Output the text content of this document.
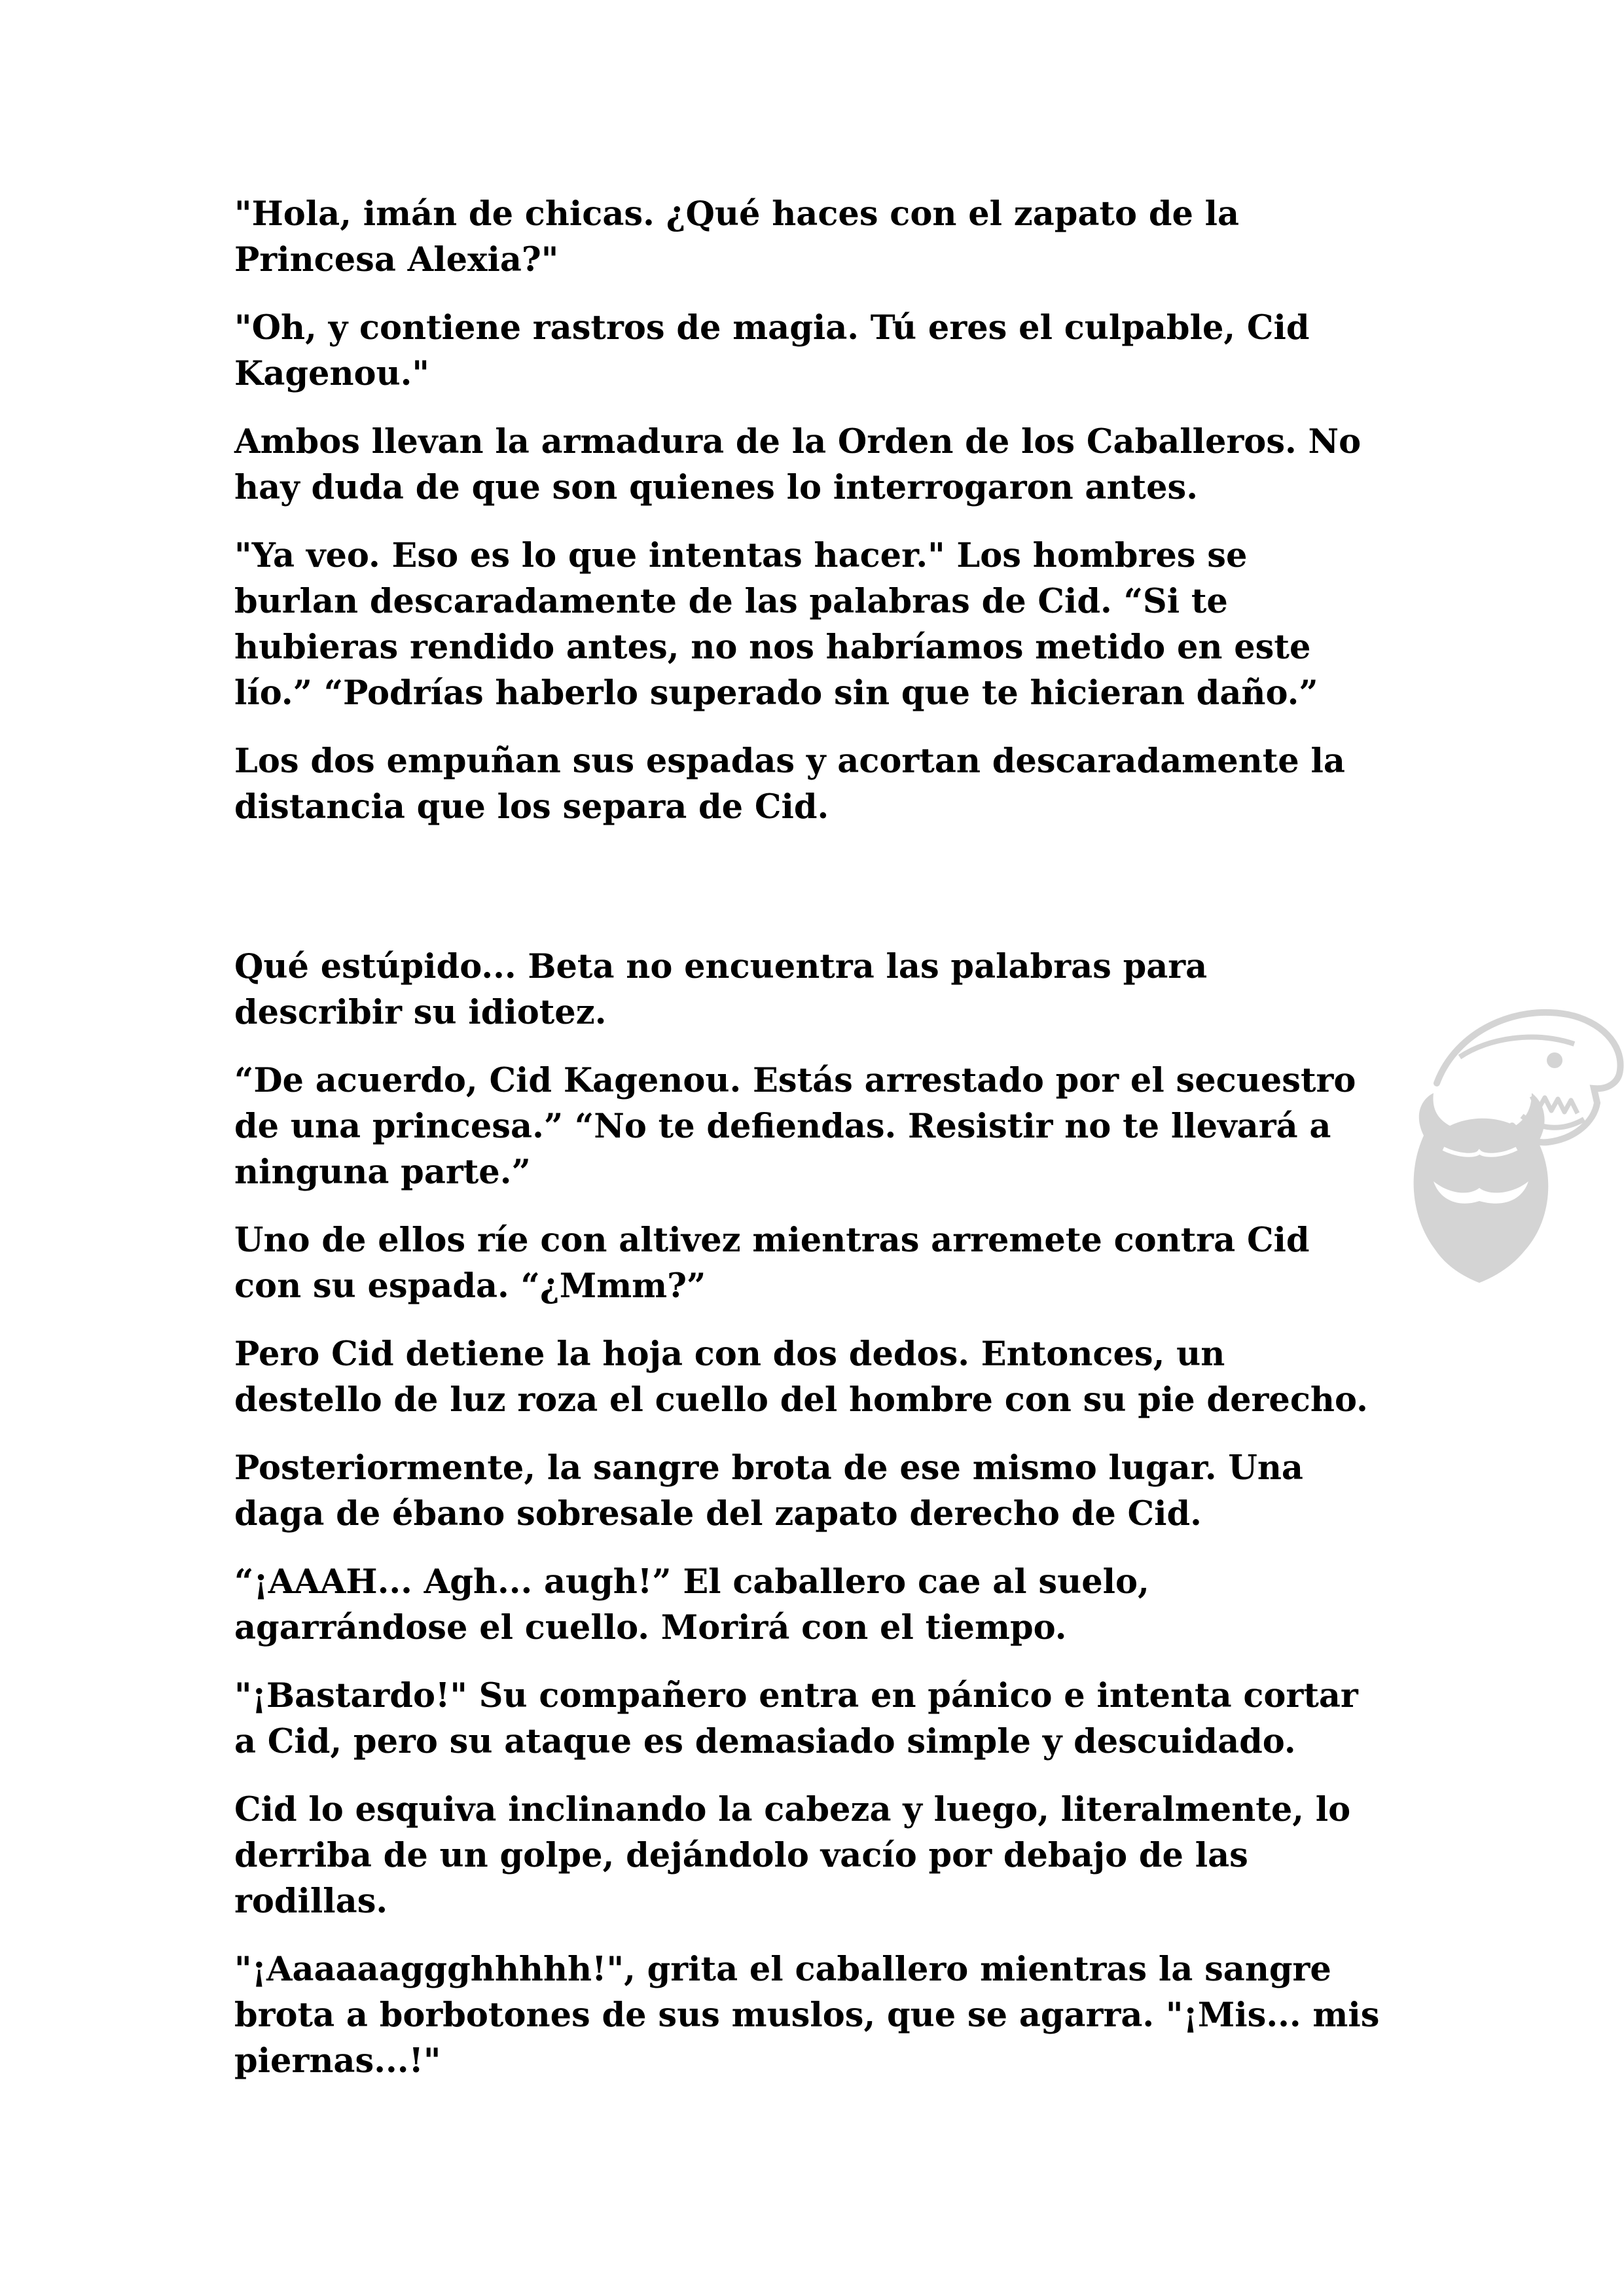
"Hola, imán de chicas. ¿Qué haces con el zapato de la
Princesa Alexia?"

"Oh, y contiene rastros de magia. Tú eres el culpable, Cid
Kagenou."

Ambos llevan la armadura de la Orden de los Caballeros. No
hay duda de que son quienes lo interrogaron antes.

"Ya veo. Eso es lo que intentas hacer." Los hombres se
burlan descaradamente de las palabras de Cid. “Si te
hubieras rendido antes, no nos habríamos metido en este
lío.” “Podrías haberlo superado sin que te hicieran daño.”

Los dos empuñan sus espadas y acortan descaradamente la
distancia que los separa de Cid.

Qué estúpido... Beta no encuentra las palabras para
describir su idiotez.

“De acuerdo, Cid Kagenou. Estás arrestado por el secuestro
de una princesa.” “No te defiendas. Resistir no te llevará a
ninguna parte.”

Uno de ellos ríe con altivez mientras arremete contra Cid
con su espada. “¿Mmm?”

Pero Cid detiene la hoja con dos dedos. Entonces, un
destello de luz roza el cuello del hombre con su pie derecho.

Posteriormente, la sangre brota de ese mismo lugar. Una
daga de ébano sobresale del zapato derecho de Cid.

“¡AAAH... Agh... augh!” El caballero cae al suelo,
agarrándose el cuello. Morirá con el tiempo.

"¡Bastardo!" Su compañero entra en pánico e intenta cortar
a Cid, pero su ataque es demasiado simple y descuidado.

Cid lo esquiva inclinando la cabeza y luego, literalmente, lo
derriba de un golpe, dejándolo vacío por debajo de las
rodillas.

"¡Aaaaaaggghhhhh!", grita el caballero mientras la sangre
brota a borbotones de sus muslos, que se agarra. "¡Mis... mis
piernas...!"
